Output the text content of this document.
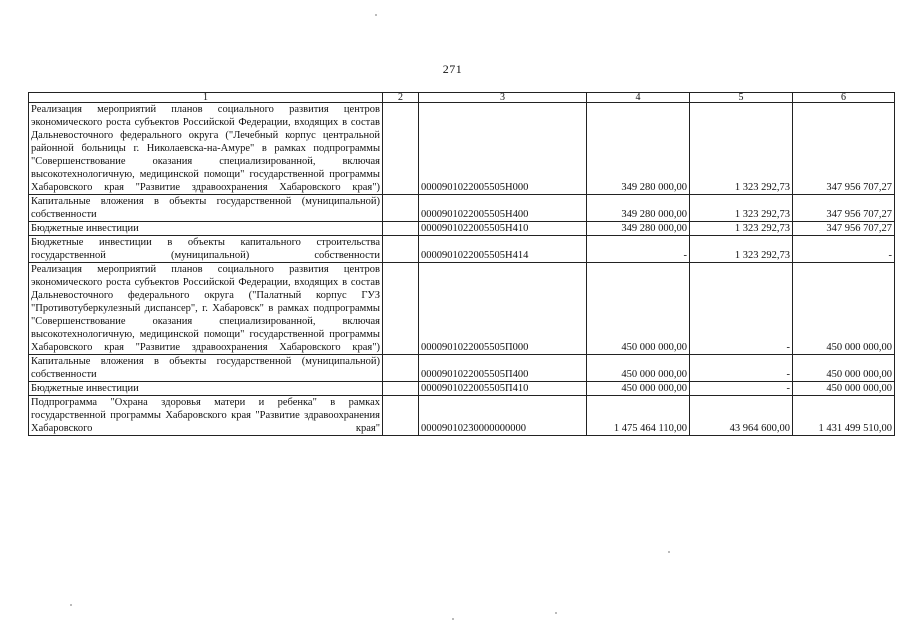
271
1	2	3	4	5	6
Реализация мероприятий планов социального развития центров экономического роста субъектов Российской Федерации, входящих в состав Дальневосточного федерального округа ("Лечебный корпус центральной районной больницы г. Николаевска-на-Амуре" в рамках подпрограммы "Совершенствование оказания специализированной, включая высокотехнологичную, медицинской помощи" государственной программы Хабаровского края "Развитие здравоохранения Хабаровского края")		0000901022005505Н000	349 280 000,00	1 323 292,73	347 956 707,27
Капитальные вложения в объекты государственной (муниципальной) собственности		0000901022005505Н400	349 280 000,00	1 323 292,73	347 956 707,27
Бюджетные инвестиции		0000901022005505Н410	349 280 000,00	1 323 292,73	347 956 707,27
Бюджетные инвестиции в объекты капитального строительства государственной (муниципальной) собственности		0000901022005505Н414	-	1 323 292,73	-
Реализация мероприятий планов социального развития центров экономического роста субъектов Российской Федерации, входящих в состав Дальневосточного федерального округа ("Палатный корпус ГУЗ "Противотуберкулезный диспансер", г. Хабаровск" в рамках подпрограммы "Совершенствование оказания специализированной, включая высокотехнологичную, медицинской помощи" государственной программы Хабаровского края "Развитие здравоохранения Хабаровского края")		0000901022005505П000	450 000 000,00	-	450 000 000,00
Капитальные вложения в объекты государственной (муниципальной) собственности		0000901022005505П400	450 000 000,00	-	450 000 000,00
Бюджетные инвестиции		0000901022005505П410	450 000 000,00	-	450 000 000,00
Подпрограмма "Охрана здоровья матери и ребенка" в рамках государственной программы Хабаровского края "Развитие здравоохранения Хабаровского края"		00009010230000000000	1 475 464 110,00	43 964 600,00	1 431 499 510,00
